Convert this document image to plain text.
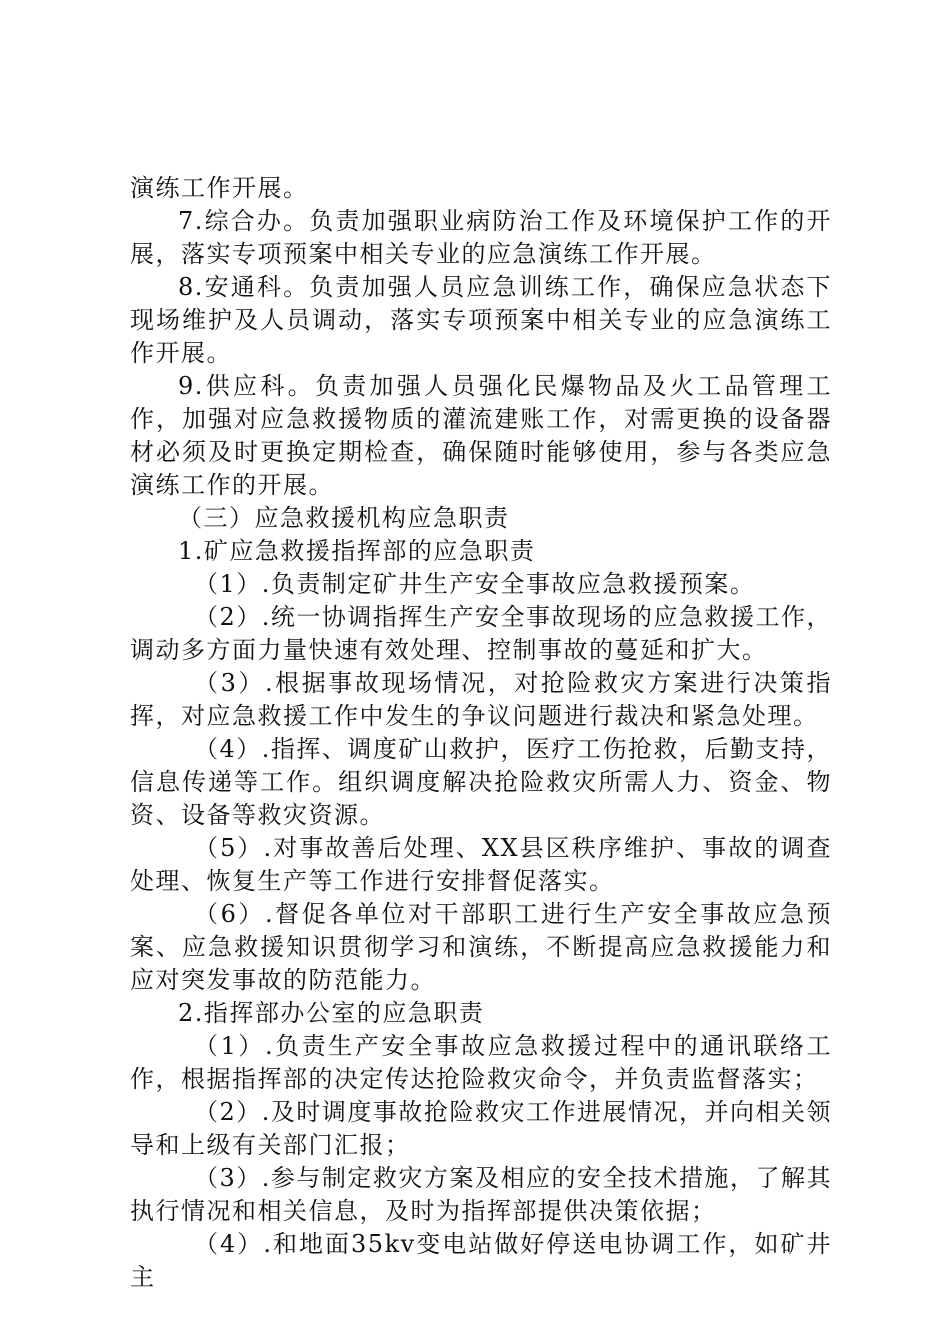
演练工作开展。

7.综合办。负责加强职业病防治工作及环境保护工作的开展，落实专项预案中相关专业的应急演练工作开展。

8.安通科。负责加强人员应急训练工作，确保应急状态下现场维护及人员调动，落实专项预案中相关专业的应急演练工作开展。

9.供应科。负责加强人员强化民爆物品及火工品管理工作，加强对应急救援物质的灌流建账工作，对需更换的设备器材必须及时更换定期检查，确保随时能够使用，参与各类应急演练工作的开展。

（三）应急救援机构应急职责

1.矿应急救援指挥部的应急职责

（1）.负责制定矿井生产安全事故应急救援预案。

（2）.统一协调指挥生产安全事故现场的应急救援工作，调动多方面力量快速有效处理、控制事故的蔓延和扩大。

（3）.根据事故现场情况，对抢险救灾方案进行决策指挥，对应急救援工作中发生的争议问题进行裁决和紧急处理。

（4）.指挥、调度矿山救护，医疗工伤抢救，后勤支持，信息传递等工作。组织调度解决抢险救灾所需人力、资金、物资、设备等救灾资源。

（5）.对事故善后处理、XX县区秩序维护、事故的调查处理、恢复生产等工作进行安排督促落实。

（6）.督促各单位对干部职工进行生产安全事故应急预案、应急救援知识贯彻学习和演练，不断提高应急救援能力和应对突发事故的防范能力。

2.指挥部办公室的应急职责

（1）.负责生产安全事故应急救援过程中的通讯联络工作，根据指挥部的决定传达抢险救灾命令，并负责监督落实；

（2）.及时调度事故抢险救灾工作进展情况，并向相关领导和上级有关部门汇报；

（3）.参与制定救灾方案及相应的安全技术措施，了解其执行情况和相关信息，及时为指挥部提供决策依据；

（4）.和地面35kv变电站做好停送电协调工作，如矿井主
